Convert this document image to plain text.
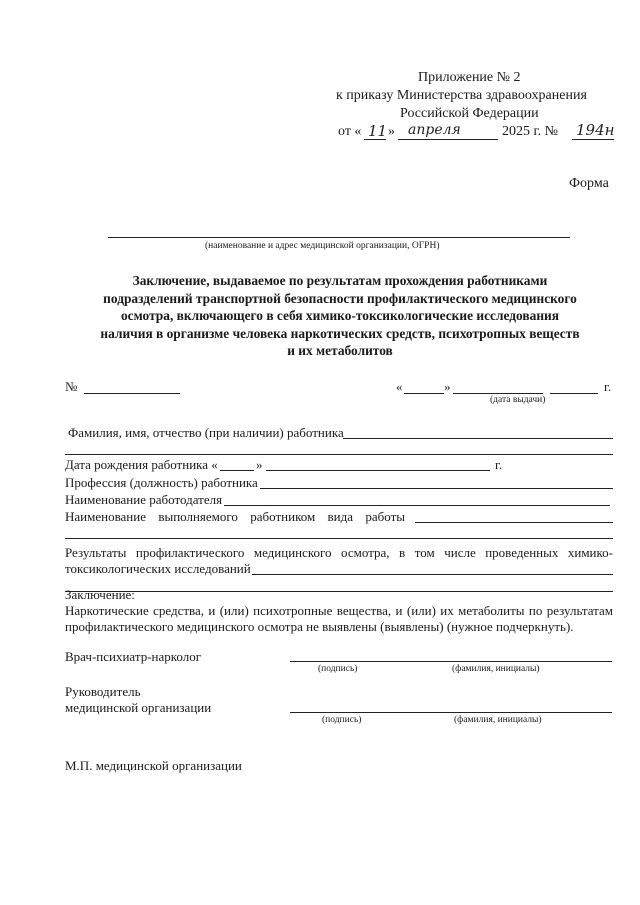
Приложение № 2
к приказу Министерства здравоохранения
Российской Федерации
от « 11 » апреля	2025 г. № 194н
Форма
(наименование и адрес медицинской организации, ОГРН)
Заключение, выдаваемое по результатам прохождения работниками
подразделений транспортной безопасности профилактического медицинского
осмотра, включающего в себя химико-токсикологические исследования
наличия в организме человека наркотических средств, психотропных веществ
и их метаболитов
№	«	»	г.
(дата выдачи)
Фамилия, имя, отчество (при наличии) работника
Дата рождения работника «	»	г.
Профессия (должность) работника
Наименование работодателя
Наименование выполняемого работником вида работы
Результаты профилактического медицинского осмотра, в том числе проведенных химико-
токсикологических исследований
Заключение:
Наркотические средства, и (или) психотропные вещества, и (или) их метаболиты по результатам
профилактического медицинского осмотра не выявлены (выявлены) (нужное подчеркнуть).
Врач-психиатр-нарколог
(подпись)	(фамилия, инициалы)
Руководитель
медицинской организации
(подпись)	(фамилия, инициалы)
М.П. медицинской организации
